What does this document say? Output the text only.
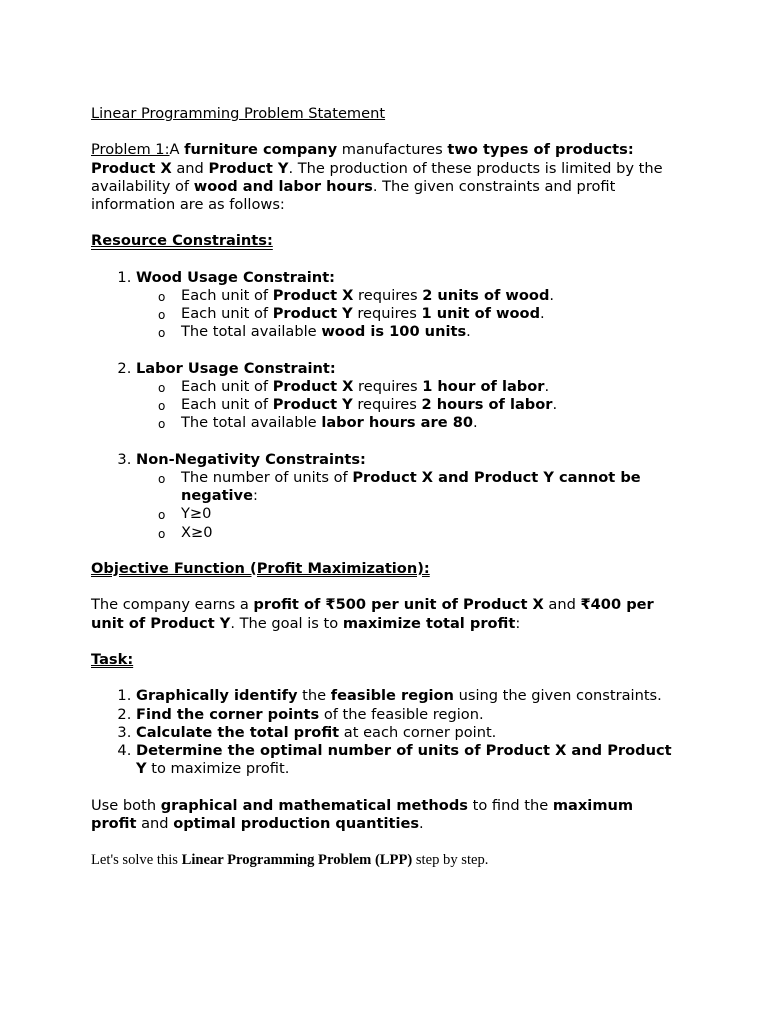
Linear Programming Problem Statement
Problem 1:A furniture company manufactures two types of products: Product X and Product Y. The production of these products is limited by the availability of wood and labor hours. The given constraints and profit information are as follows:
Resource Constraints:
1. Wood Usage Constraint:
o Each unit of Product X requires 2 units of wood.
o Each unit of Product Y requires 1 unit of wood.
o The total available wood is 100 units.
2. Labor Usage Constraint:
o Each unit of Product X requires 1 hour of labor.
o Each unit of Product Y requires 2 hours of labor.
o The total available labor hours are 80.
3. Non-Negativity Constraints:
o The number of units of Product X and Product Y cannot be negative:
o Y≥0
o X≥0
Objective Function (Profit Maximization):
The company earns a profit of ₹500 per unit of Product X and ₹400 per unit of Product Y. The goal is to maximize total profit:
Task:
1. Graphically identify the feasible region using the given constraints.
2. Find the corner points of the feasible region.
3. Calculate the total profit at each corner point.
4. Determine the optimal number of units of Product X and Product Y to maximize profit.
Use both graphical and mathematical methods to find the maximum profit and optimal production quantities.
Let's solve this Linear Programming Problem (LPP) step by step.
